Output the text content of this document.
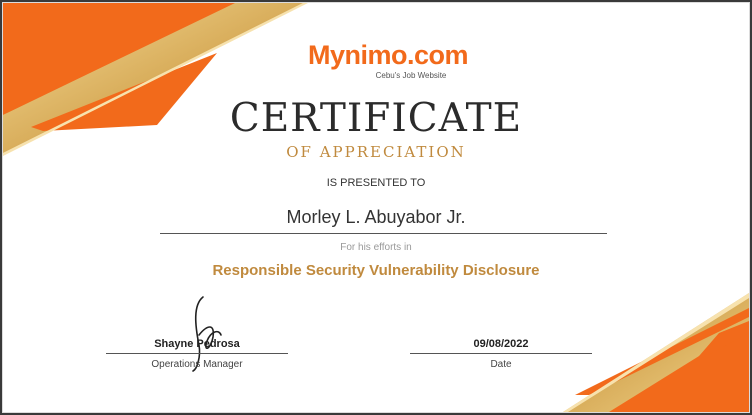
Mynimo.com
Cebu's Job Website
CERTIFICATE
OF APPRECIATION
IS PRESENTED TO
Morley L. Abuyabor Jr.
For his efforts in
Responsible Security Vulnerability Disclosure
Shayne Pedrosa
Operations Manager
09/08/2022
Date
